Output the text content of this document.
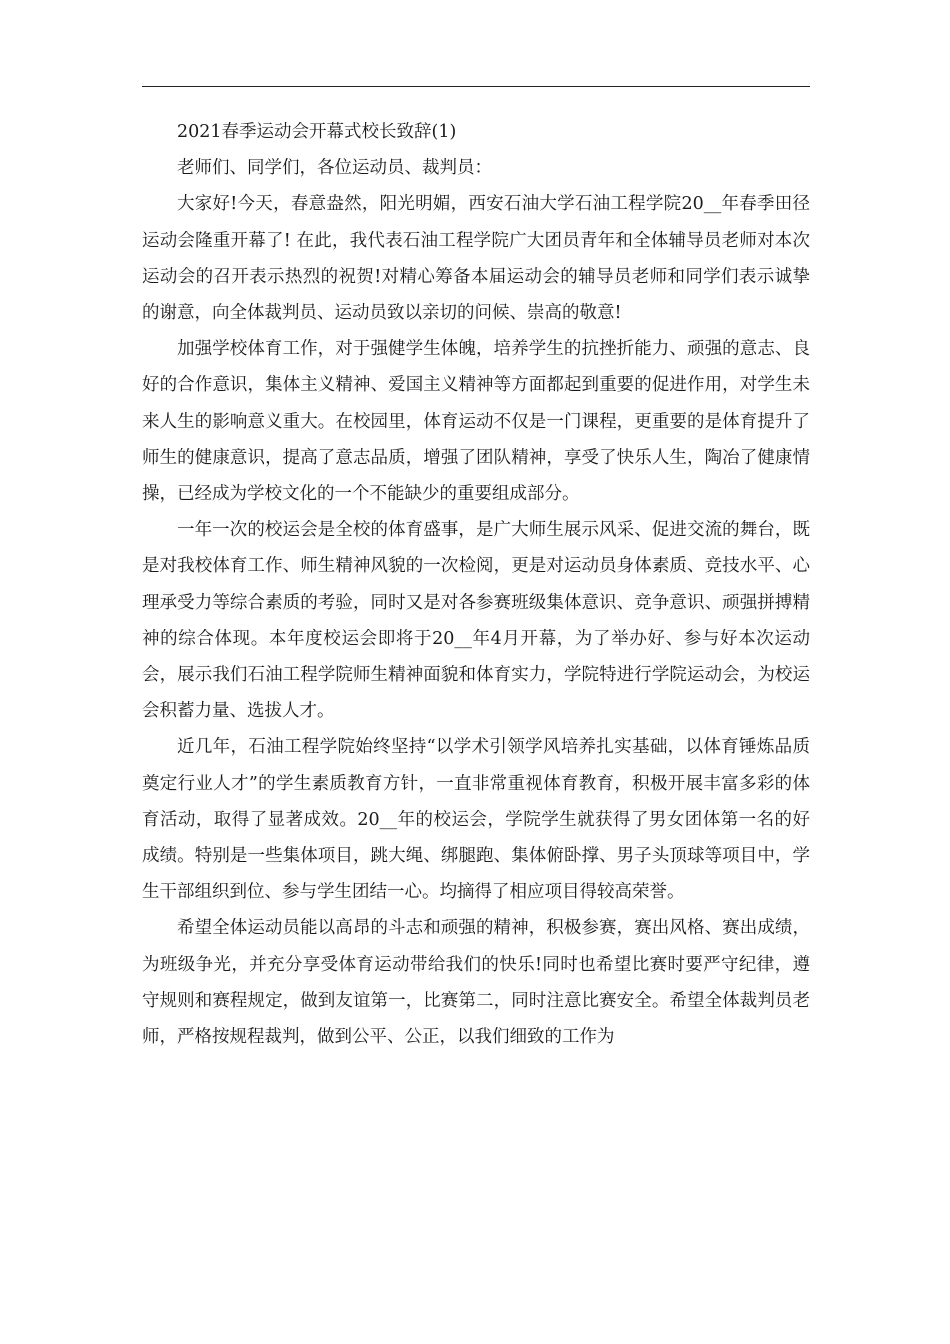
2021春季运动会开幕式校长致辞(1)

老师们、同学们，各位运动员、裁判员：

大家好!今天，春意盎然，阳光明媚，西安石油大学石油工程学院20__年春季田径运动会隆重开幕了! 在此，我代表石油工程学院广大团员青年和全体辅导员老师对本次运动会的召开表示热烈的祝贺!对精心筹备本届运动会的辅导员老师和同学们表示诚挚的谢意，向全体裁判员、运动员致以亲切的问候、崇高的敬意!

加强学校体育工作，对于强健学生体魄，培养学生的抗挫折能力、顽强的意志、良好的合作意识，集体主义精神、爱国主义精神等方面都起到重要的促进作用，对学生未来人生的影响意义重大。在校园里，体育运动不仅是一门课程，更重要的是体育提升了师生的健康意识，提高了意志品质，增强了团队精神，享受了快乐人生，陶冶了健康情操，已经成为学校文化的一个不能缺少的重要组成部分。

一年一次的校运会是全校的体育盛事，是广大师生展示风采、促进交流的舞台，既是对我校体育工作、师生精神风貌的一次检阅，更是对运动员身体素质、竞技水平、心理承受力等综合素质的考验，同时又是对各参赛班级集体意识、竞争意识、顽强拼搏精神的综合体现。本年度校运会即将于20__年4月开幕，为了举办好、参与好本次运动会，展示我们石油工程学院师生精神面貌和体育实力，学院特进行学院运动会，为校运会积蓄力量、选拔人才。

近几年，石油工程学院始终坚持“以学术引领学风培养扎实基础，以体育锤炼品质奠定行业人才”的学生素质教育方针，一直非常重视体育教育，积极开展丰富多彩的体育活动，取得了显著成效。20__年的校运会，学院学生就获得了男女团体第一名的好成绩。特别是一些集体项目，跳大绳、绑腿跑、集体俯卧撑、男子头顶球等项目中，学生干部组织到位、参与学生团结一心。均摘得了相应项目得较高荣誉。

希望全体运动员能以高昂的斗志和顽强的精神，积极参赛，赛出风格、赛出成绩，为班级争光，并充分享受体育运动带给我们的快乐!同时也希望比赛时要严守纪律，遵守规则和赛程规定，做到友谊第一，比赛第二，同时注意比赛安全。希望全体裁判员老师，严格按规程裁判，做到公平、公正，以我们细致的工作为
